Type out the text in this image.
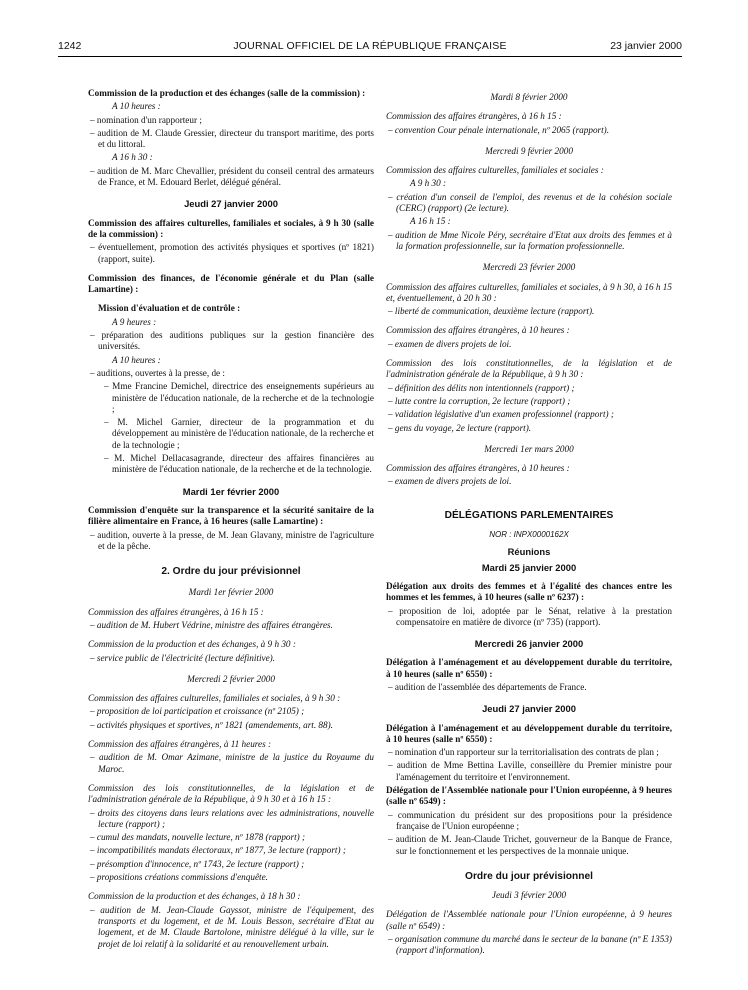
1242	JOURNAL OFFICIEL DE LA RÉPUBLIQUE FRANÇAISE	23 janvier 2000

Commission de la production et des échanges (salle de la commission) :

A 10 heures :

– nomination d'un rapporteur ;

– audition de M. Claude Gressier, directeur du transport maritime, des ports et du littoral.

A 16 h 30 :

– audition de M. Marc Chevallier, président du conseil central des armateurs de France, et M. Edouard Berlet, délégué général.

Jeudi 27 janvier 2000

Commission des affaires culturelles, familiales et sociales, à 9 h 30 (salle de la commission) :

– éventuellement, promotion des activités physiques et sportives (nº 1821) (rapport, suite).

Commission des finances, de l'économie générale et du Plan (salle Lamartine) :

Mission d'évaluation et de contrôle :

A 9 heures :

– préparation des auditions publiques sur la gestion financière des universités.

A 10 heures :

– auditions, ouvertes à la presse, de :

– Mme Francine Demichel, directrice des enseignements supérieurs au ministère de l'éducation nationale, de la recherche et de la technologie ;

– M. Michel Garnier, directeur de la programmation et du développement au ministère de l'éducation nationale, de la recherche et de la technologie ;

– M. Michel Dellacasagrande, directeur des affaires financières au ministère de l'éducation nationale, de la recherche et de la technologie.

Mardi 1er février 2000

Commission d'enquête sur la transparence et la sécurité sanitaire de la filière alimentaire en France, à 16 heures (salle Lamartine) :

– audition, ouverte à la presse, de M. Jean Glavany, ministre de l'agriculture et de la pêche.

2. Ordre du jour prévisionnel
Mardi 1er février 2000

Commission des affaires étrangères, à 16 h 15 :

– audition de M. Hubert Védrine, ministre des affaires étrangères.

Commission de la production et des échanges, à 9 h 30 :

– service public de l'électricité (lecture définitive).

Mercredi 2 février 2000

Commission des affaires culturelles, familiales et sociales, à 9 h 30 :

– proposition de loi participation et croissance (nº 2105) ;

– activités physiques et sportives, nº 1821 (amendements, art. 88).

Commission des affaires étrangères, à 11 heures :

– audition de M. Omar Azimane, ministre de la justice du Royaume du Maroc.

Commission des lois constitutionnelles, de la législation et de l'administration générale de la République, à 9 h 30 et à 16 h 15 :

– droits des citoyens dans leurs relations avec les administrations, nouvelle lecture (rapport) ;

– cumul des mandats, nouvelle lecture, nº 1878 (rapport) ;

– incompatibilités mandats électoraux, nº 1877, 3e lecture (rapport) ;

– présomption d'innocence, nº 1743, 2e lecture (rapport) ;

– propositions créations commissions d'enquête.

Commission de la production et des échanges, à 18 h 30 :

– audition de M. Jean-Claude Gayssot, ministre de l'équipement, des transports et du logement, et de M. Louis Besson, secrétaire d'Etat au logement, et de M. Claude Bartolone, ministre délégué à la ville, sur le projet de loi relatif à la solidarité et au renouvellement urbain.

Mardi 8 février 2000

Commission des affaires étrangères, à 16 h 15 :

– convention Cour pénale internationale, nº 2065 (rapport).

Mercredi 9 février 2000

Commission des affaires culturelles, familiales et sociales :

A 9 h 30 :

– création d'un conseil de l'emploi, des revenus et de la cohésion sociale (CERC) (rapport) (2e lecture).

A 16 h 15 :

– audition de Mme Nicole Péry, secrétaire d'Etat aux droits des femmes et à la formation professionnelle, sur la formation professionnelle.

Mercredi 23 février 2000

Commission des affaires culturelles, familiales et sociales, à 9 h 30, à 16 h 15 et, éventuellement, à 20 h 30 :

– liberté de communication, deuxième lecture (rapport).

Commission des affaires étrangères, à 10 heures :

– examen de divers projets de loi.

Commission des lois constitutionnelles, de la législation et de l'administration générale de la République, à 9 h 30 :

– définition des délits non intentionnels (rapport) ;

– lutte contre la corruption, 2e lecture (rapport) ;

– validation législative d'un examen professionnel (rapport) ;

– gens du voyage, 2e lecture (rapport).

Mercredi 1er mars 2000

Commission des affaires étrangères, à 10 heures :

– examen de divers projets de loi.

DÉLÉGATIONS PARLEMENTAIRES
NOR : INPX0000162X
Réunions
Mardi 25 janvier 2000

Délégation aux droits des femmes et à l'égalité des chances entre les hommes et les femmes, à 10 heures (salle nº 6237) :

– proposition de loi, adoptée par le Sénat, relative à la prestation compensatoire en matière de divorce (nº 735) (rapport).

Mercredi 26 janvier 2000

Délégation à l'aménagement et au développement durable du territoire, à 10 heures (salle nº 6550) :

– audition de l'assemblée des départements de France.

Jeudi 27 janvier 2000

Délégation à l'aménagement et au développement durable du territoire, à 10 heures (salle nº 6550) :

– nomination d'un rapporteur sur la territorialisation des contrats de plan ;

– audition de Mme Bettina Laville, conseillère du Premier ministre pour l'aménagement du territoire et l'environnement.

Délégation de l'Assemblée nationale pour l'Union européenne, à 9 heures (salle nº 6549) :

– communication du président sur des propositions pour la présidence française de l'Union européenne ;

– audition de M. Jean-Claude Trichet, gouverneur de la Banque de France, sur le fonctionnement et les perspectives de la monnaie unique.

Ordre du jour prévisionnel
Jeudi 3 février 2000

Délégation de l'Assemblée nationale pour l'Union européenne, à 9 heures (salle nº 6549) :

– organisation commune du marché dans le secteur de la banane (nº E 1353) (rapport d'information).
